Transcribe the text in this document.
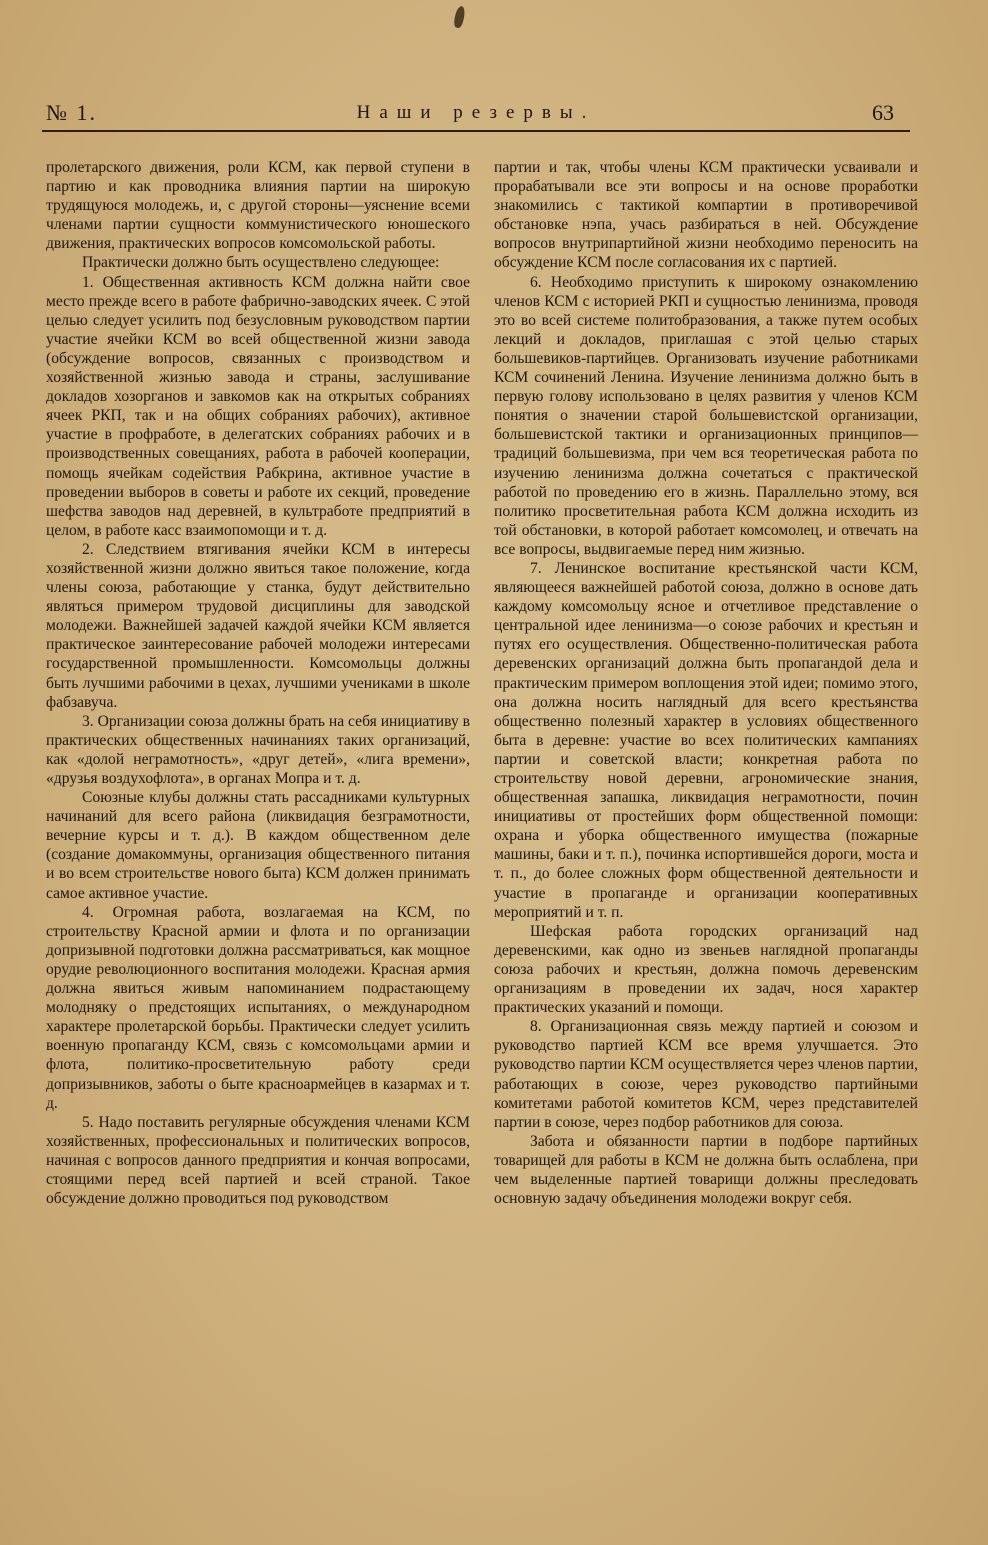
№ 1.	Наши резервы.	63

пролетарского движения, роли КСМ, как первой ступени в партию и как проводника влияния партии на широкую трудящуюся молодежь, и, с другой стороны—уяснение всеми членами партии сущности коммунистического юношеского движения, практических вопросов комсомольской работы.

Практически должно быть осуществлено следующее:

1. Общественная активность КСМ должна найти свое место прежде всего в работе фабрично-заводских ячеек. С этой целью следует усилить под безусловным руководством партии участие ячейки КСМ во всей общественной жизни завода (обсуждение вопросов, связанных с производством и хозяйственной жизнью завода и страны, заслушивание докладов хозорганов и завкомов как на открытых собраниях ячеек РКП, так и на общих собраниях рабочих), активное участие в профработе, в делегатских собраниях рабочих и в производственных совещаниях, работа в рабочей кооперации, помощь ячейкам содействия Рабкрина, активное участие в проведении выборов в советы и работе их секций, проведение шефства заводов над деревней, в культработе предприятий в целом, в работе касс взаимопомощи и т. д.

2. Следствием втягивания ячейки КСМ в интересы хозяйственной жизни должно явиться такое положение, когда члены союза, работающие у станка, будут действительно являться примером трудовой дисциплины для заводской молодежи. Важнейшей задачей каждой ячейки КСМ является практическое заинтересование рабочей молодежи интересами государственной промышленности. Комсомольцы должны быть лучшими рабочими в цехах, лучшими учениками в школе фабзавуча.

3. Организации союза должны брать на себя инициативу в практических общественных начинаниях таких организаций, как «долой неграмотность», «друг детей», «лига времени», «друзья воздухофлота», в органах Мопра и т. д.

Союзные клубы должны стать рассадниками культурных начинаний для всего района (ликвидация безграмотности, вечерние курсы и т. д.). В каждом общественном деле (создание домакоммуны, организация общественного питания и во всем строительстве нового быта) КСМ должен принимать самое активное участие.

4. Огромная работа, возлагаемая на КСМ, по строительству Красной армии и флота и по организации допризывной подготовки должна рассматриваться, как мощное орудие революционного воспитания молодежи. Красная армия должна явиться живым напоминанием подрастающему молодняку о предстоящих испытаниях, о международном характере пролетарской борьбы. Практически следует усилить военную пропаганду КСМ, связь с комсомольцами армии и флота, политико-просветительную работу среди допризывников, заботы о быте красноармейцев в казармах и т. д.

5. Надо поставить регулярные обсуждения членами КСМ хозяйственных, профессиональных и политических вопросов, начиная с вопросов данного предприятия и кончая вопросами, стоящими перед всей партией и всей страной. Такое обсуждение должно проводиться под руководством

партии и так, чтобы члены КСМ практически усваивали и прорабатывали все эти вопросы и на основе проработки знакомились с тактикой компартии в противоречивой обстановке нэпа, учась разбираться в ней. Обсуждение вопросов внутрипартийной жизни необходимо переносить на обсуждение КСМ после согласования их с партией.

6. Необходимо приступить к широкому ознакомлению членов КСМ с историей РКП и сущностью ленинизма, проводя это во всей системе политобразования, а также путем особых лекций и докладов, приглашая с этой целью старых большевиков-партийцев. Организовать изучение работниками КСМ сочинений Ленина. Изучение ленинизма должно быть в первую голову использовано в целях развития у членов КСМ понятия о значении старой большевистской организации, большевистской тактики и организационных принципов—традиций большевизма, при чем вся теоретическая работа по изучению ленинизма должна сочетаться с практической работой по проведению его в жизнь. Параллельно этому, вся политико просветительная работа КСМ должна исходить из той обстановки, в которой работает комсомолец, и отвечать на все вопросы, выдвигаемые перед ним жизнью.

7. Ленинское воспитание крестьянской части КСМ, являющееся важнейшей работой союза, должно в основе дать каждому комсомольцу ясное и отчетливое представление о центральной идее ленинизма—о союзе рабочих и крестьян и путях его осуществления. Общественно-политическая работа деревенских организаций должна быть пропагандой дела и практическим примером воплощения этой идеи; помимо этого, она должна носить наглядный для всего крестьянства общественно полезный характер в условиях общественного быта в деревне: участие во всех политических кампаниях партии и советской власти; конкретная работа по строительству новой деревни, агрономические знания, общественная запашка, ликвидация неграмотности, почин инициативы от простейших форм общественной помощи: охрана и уборка общественного имущества (пожарные машины, баки и т. п.), починка испортившейся дороги, моста и т. п., до более сложных форм общественной деятельности и участие в пропаганде и организации кооперативных мероприятий и т. п.

Шефская работа городских организаций над деревенскими, как одно из звеньев наглядной пропаганды союза рабочих и крестьян, должна помочь деревенским организациям в проведении их задач, нося характер практических указаний и помощи.

8. Организационная связь между партией и союзом и руководство партией КСМ все время улучшается. Это руководство партии КСМ осуществляется через членов партии, работающих в союзе, через руководство партийными комитетами работой комитетов КСМ, через представителей партии в союзе, через подбор работников для союза.

Забота и обязанности партии в подборе партийных товарищей для работы в КСМ не должна быть ослаблена, при чем выделенные партией товарищи должны преследовать основную задачу объединения молодежи вокруг себя.
